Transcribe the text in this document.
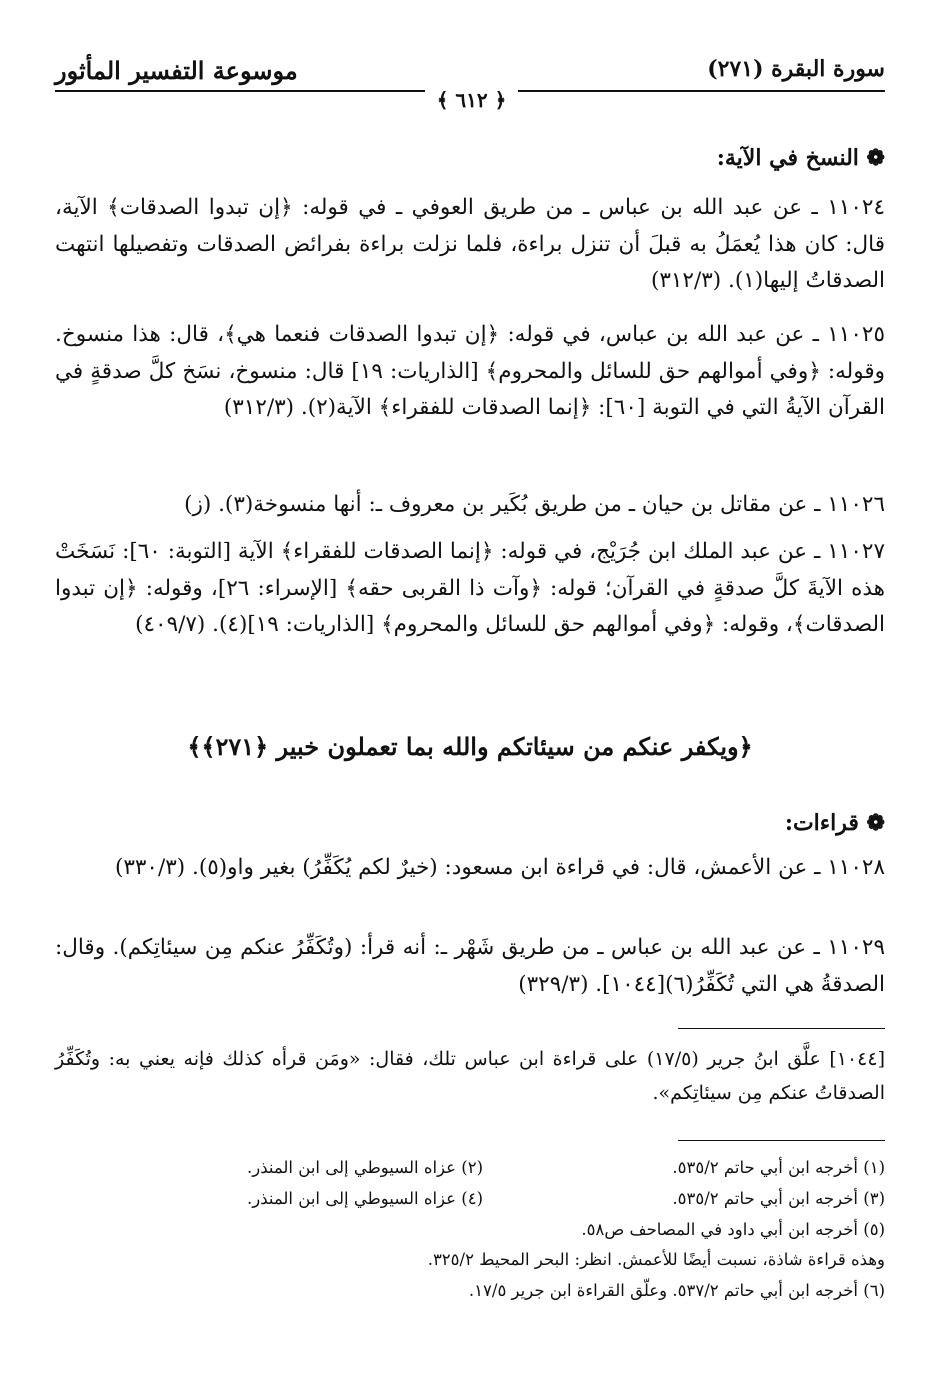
موسوعة التفسير المأثور	سورة البقرة (٢٧١)
﴾ ٦١٢ ﴿
❁ النسخ في الآية:
١١٠٢٤ ـ عن عبد الله بن عباس ـ من طريق العوفي ـ في قوله: ﴿إن تبدوا الصدقات﴾ الآية، قال: كان هذا يُعمَلُ به قبلَ أن تنزل براءة، فلما نزلت براءة بفرائض الصدقات وتفصيلها انتهت الصدقاتُ إليها(١). (٣١٢/٣)
١١٠٢٥ ـ عن عبد الله بن عباس، في قوله: ﴿إن تبدوا الصدقات فنعما هي﴾، قال: هذا منسوخ. وقوله: ﴿وفي أموالهم حق للسائل والمحروم﴾ [الذاريات: ١٩] قال: منسوخ، نسَخ كلَّ صدقةٍ في القرآن الآيةُ التي في التوبة [٦٠]: ﴿إنما الصدقات للفقراء﴾ الآية(٢). (٣١٢/٣)
١١٠٢٦ ـ عن مقاتل بن حيان ـ من طريق بُكَير بن معروف ـ: أنها منسوخة(٣). (ز)
١١٠٢٧ ـ عن عبد الملك ابن جُرَيْج، في قوله: ﴿إنما الصدقات للفقراء﴾ الآية [التوبة: ٦٠]: نَسَخَتْ هذه الآيةَ كلَّ صدقةٍ في القرآن؛ قوله: ﴿وآت ذا القربى حقه﴾ [الإسراء: ٢٦]، وقوله: ﴿إن تبدوا الصدقات﴾، وقوله: ﴿وفي أموالهم حق للسائل والمحروم﴾ [الذاريات: ١٩](٤). (٤٠٩/٧)
﴿ويكفر عنكم من سيئاتكم والله بما تعملون خبير ﴿٢٧١﴾﴾
❁ قراءات:
١١٠٢٨ ـ عن الأعمش، قال: في قراءة ابن مسعود: (خيرٌ لكم يُكَفِّرُ) بغير واو(٥). (٣٣٠/٣)
١١٠٢٩ ـ عن عبد الله بن عباس ـ من طريق شَهْر ـ: أنه قرأ: (وتُكَفِّرُ عنكم مِن سيئاتِكم). وقال: الصدقةُ هي التي تُكَفِّرُ(٦)[١٠٤٤]. (٣٢٩/٣)
[١٠٤٤] علَّق ابنُ جرير (١٧/٥) على قراءة ابن عباس تلك، فقال: «ومَن قرأه كذلك فإنه يعني به: وتُكَفِّرُ الصدقاتُ عنكم مِن سيئاتِكم».
(١) أخرجه ابن أبي حاتم ٥٣٥/٢.
(٢) عزاه السيوطي إلى ابن المنذر.
(٣) أخرجه ابن أبي حاتم ٥٣٥/٢.
(٤) عزاه السيوطي إلى ابن المنذر.
(٥) أخرجه ابن أبي داود في المصاحف ص٥٨.
وهذه قراءة شاذة، نسبت أيضًا للأعمش. انظر: البحر المحيط ٣٢٥/٢.
(٦) أخرجه ابن أبي حاتم ٥٣٧/٢. وعلّق القراءة ابن جرير ١٧/٥.
